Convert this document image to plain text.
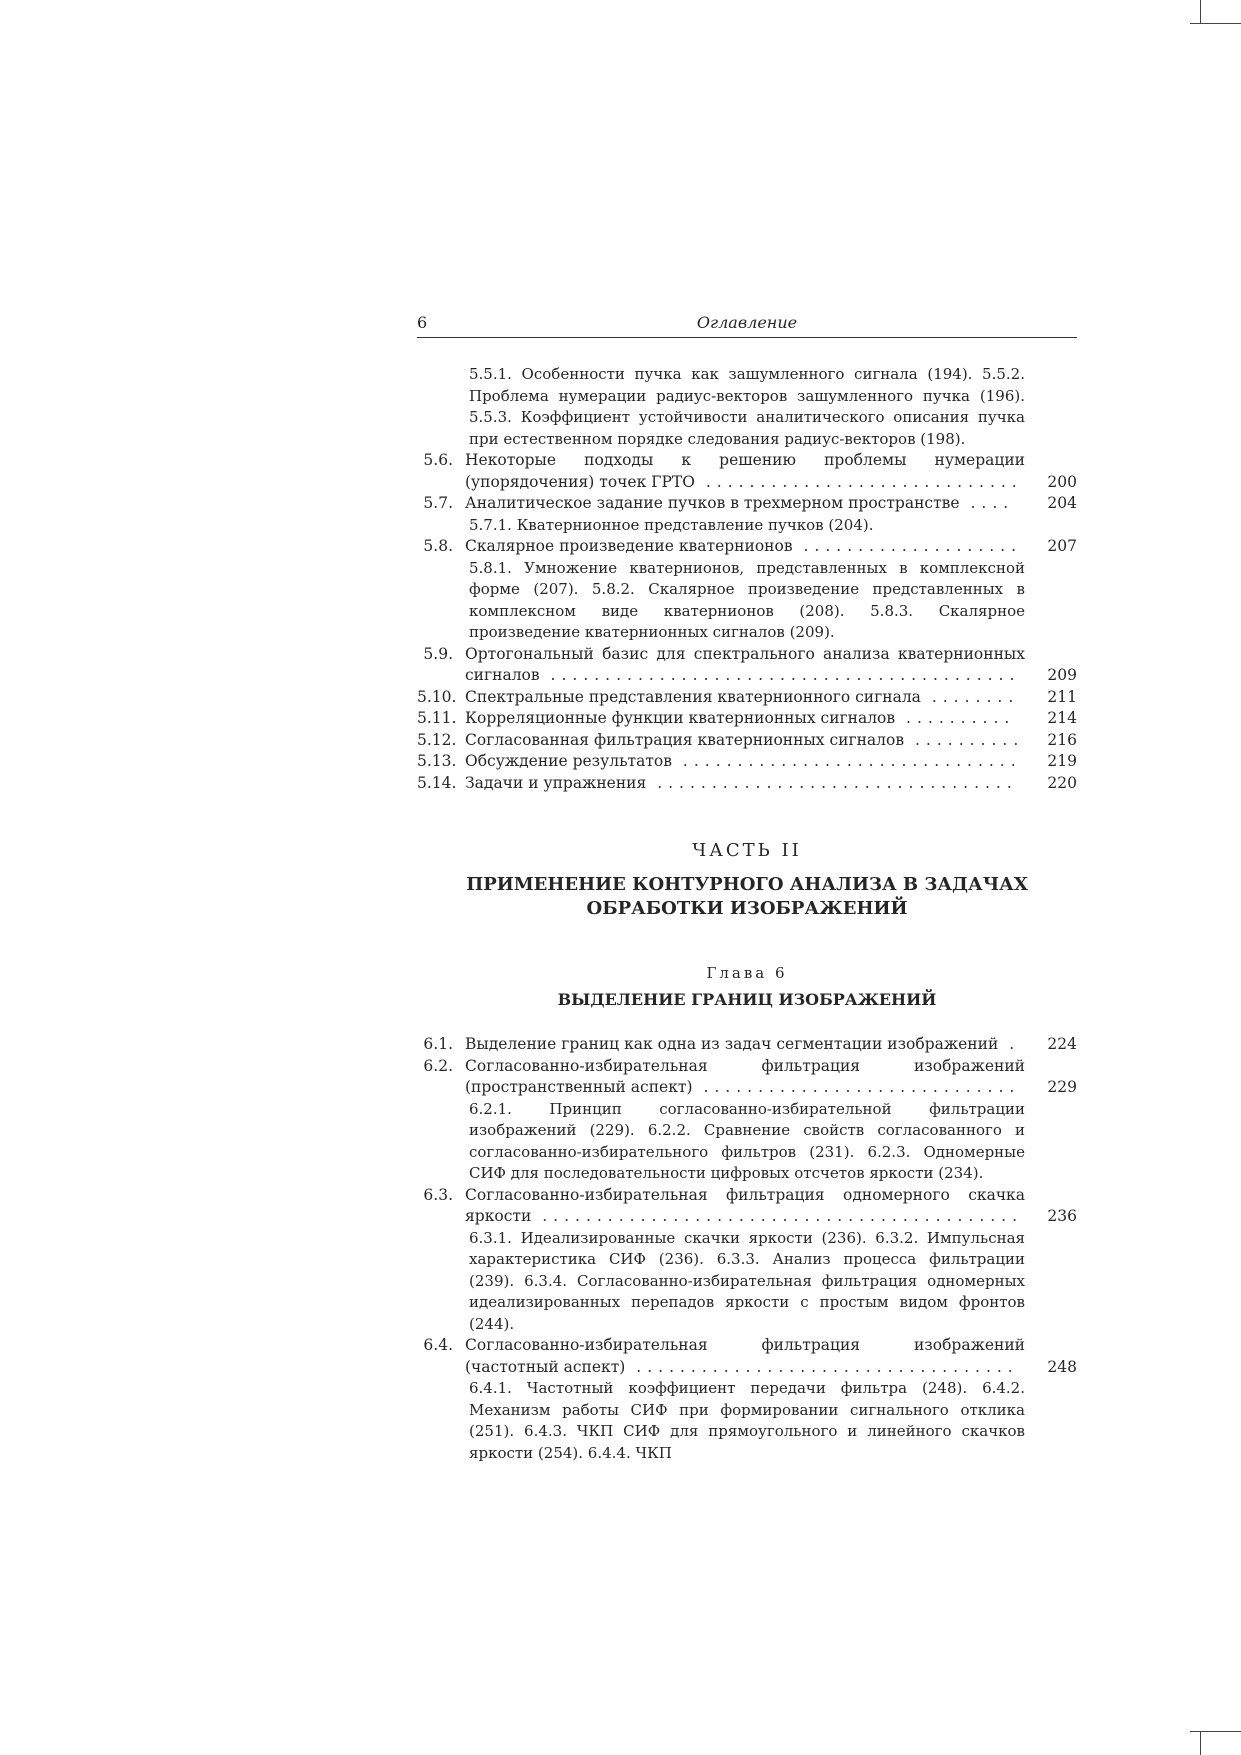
6	Оглавление
5.5.1. Особенности пучка как зашумленного сигнала (194). 5.5.2. Проблема нумерации радиус-векторов зашумленного пучка (196). 5.5.3. Коэффициент устойчивости аналитического описания пучка при естественном порядке следования радиус-векторов (198).
5.6. Некоторые подходы к решению проблемы нумерации (упорядочения) точек ГРТО .............................	200
5.7. Аналитическое задание пучков в трехмерном пространстве ....	204
5.7.1. Кватернионное представление пучков (204).
5.8. Скалярное произведение кватернионов ....................	207
5.8.1. Умножение кватернионов, представленных в комплексной форме (207). 5.8.2. Скалярное произведение представленных в комплексном виде кватернионов (208). 5.8.3. Скалярное произведение кватернионных сигналов (209).
5.9. Ортогональный базис для спектрального анализа кватернионных сигналов ...........................................	209
5.10. Спектральные представления кватернионного сигнала ........	211
5.11. Корреляционные функции кватернионных сигналов ..........	214
5.12. Согласованная фильтрация кватернионных сигналов ..........	216
5.13. Обсуждение результатов ...............................	219
5.14. Задачи и упражнения .................................	220
ЧАСТЬ II
ПРИМЕНЕНИЕ КОНТУРНОГО АНАЛИЗА В ЗАДАЧАХ
ОБРАБОТКИ ИЗОБРАЖЕНИЙ
Глава 6
ВЫДЕЛЕНИЕ ГРАНИЦ ИЗОБРАЖЕНИЙ
6.1. Выделение границ как одна из задач сегментации изображений .	224
6.2. Согласованно-избирательная фильтрация изображений (пространственный аспект) .............................	229
6.2.1. Принцип согласованно-избирательной фильтрации изображений (229). 6.2.2. Сравнение свойств согласованного и согласованно-избирательного фильтров (231). 6.2.3. Одномерные СИФ для последовательности цифровых отсчетов яркости (234).
6.3. Согласованно-избирательная фильтрация одномерного скачка яркости ............................................	236
6.3.1. Идеализированные скачки яркости (236). 6.3.2. Импульсная характеристика СИФ (236). 6.3.3. Анализ процесса фильтрации (239). 6.3.4. Согласованно-избирательная фильтрация одномерных идеализированных перепадов яркости с простым видом фронтов (244).
6.4. Согласованно-избирательная фильтрация изображений (частотный аспект) ...................................	248
6.4.1. Частотный коэффициент передачи фильтра (248). 6.4.2. Механизм работы СИФ при формировании сигнального отклика (251). 6.4.3. ЧКП СИФ для прямоугольного и линейного скачков яркости (254). 6.4.4. ЧКП
